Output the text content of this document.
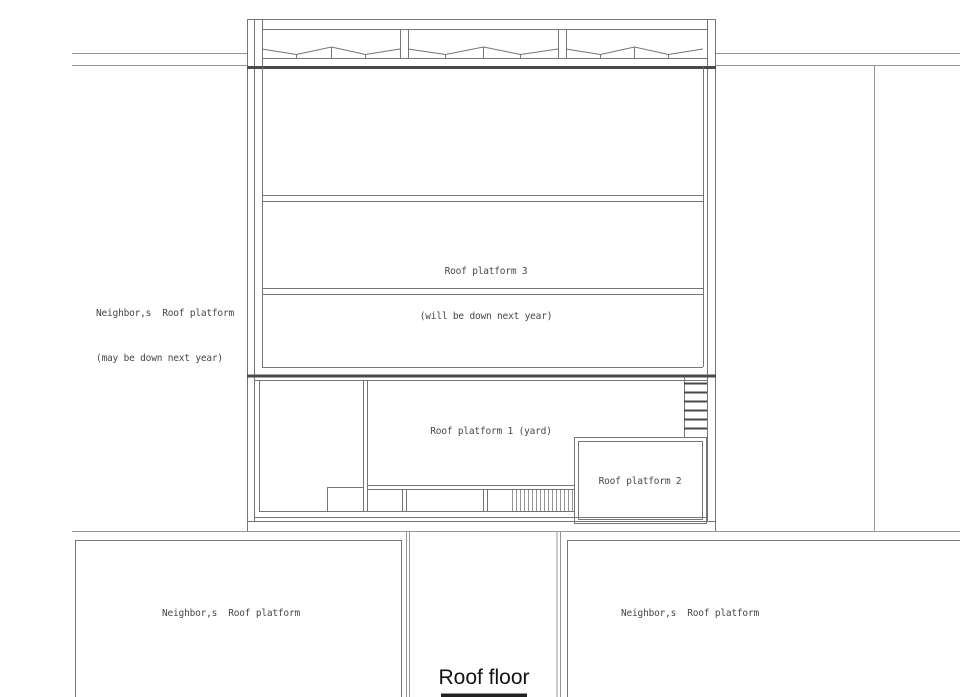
Neighbor,s  Roof platform

(may be down next year)

Roof platform 3

(will be down next year)

Roof platform 1 (yard)
Roof platform 2
Neighbor,s  Roof platform	Neighbor,s  Roof platform
Roof floor
